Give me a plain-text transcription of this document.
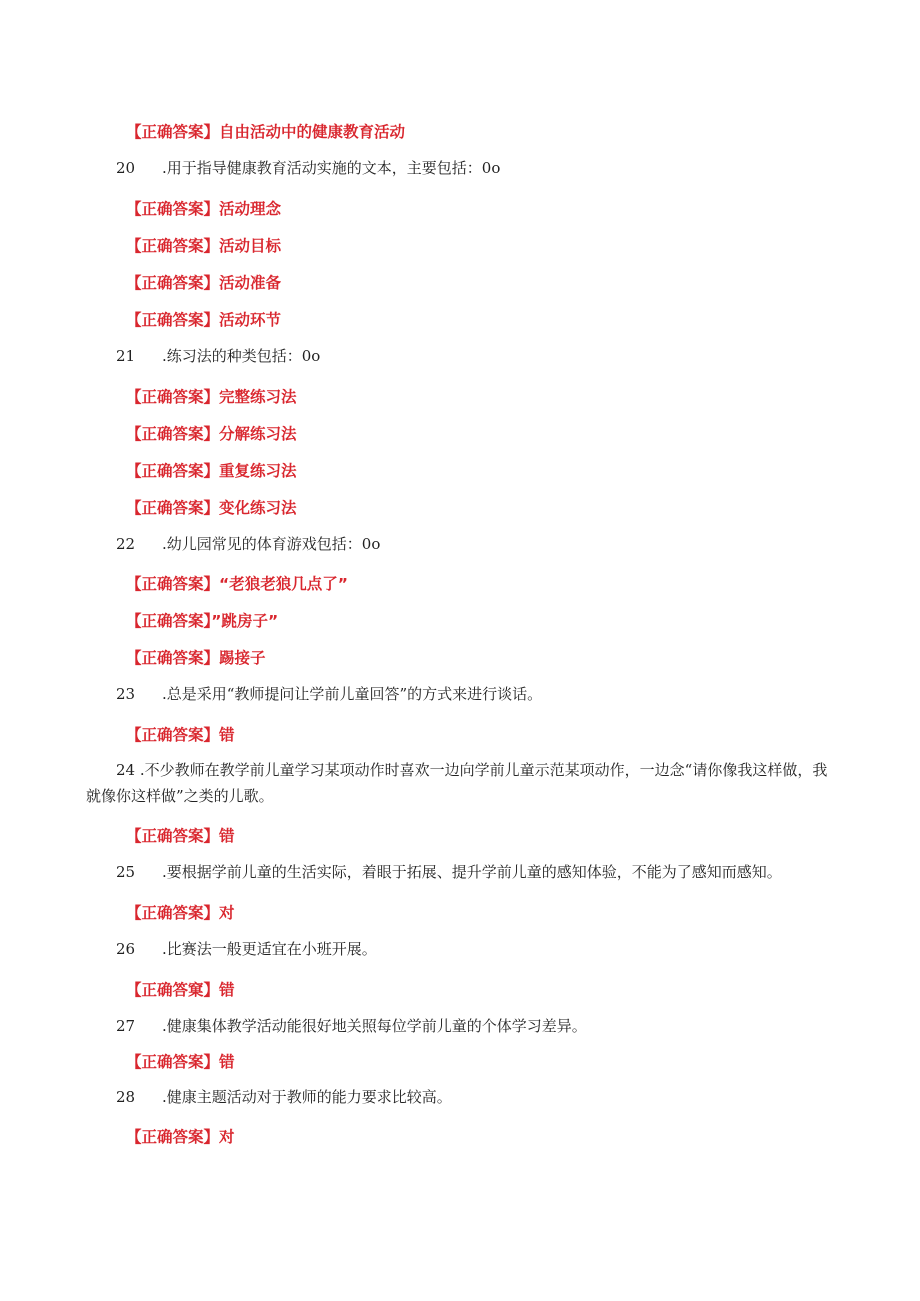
【正确答案】自由活动中的健康教育活动
20 .用于指导健康教育活动实施的文本，主要包括：0o
【正确答案】活动理念
【正确答案】活动目标
【正确答案】活动准备
【正确答案】活动环节
21 .练习法的种类包括：0o
【正确答案】完整练习法
【正确答案】分解练习法
【正确答案】重复练习法
【正确答案】变化练习法
22 .幼儿园常见的体育游戏包括：0o
【正确答案】“老狼老狼几点了”
【正确答案】”跳房子”
【正确答案】踢接子
23 .总是采用“教师提问让学前儿童回答”的方式来进行谈话。
【正确答案】错
24 .不少教师在教学前儿童学习某项动作时喜欢一边向学前儿童示范某项动作，一边念“请你像我这样做，我就像你这样做”之类的儿歌。
【正确答案】错
25 .要根据学前儿童的生活实际，着眼于拓展、提升学前儿童的感知体验，不能为了感知而感知。
【正确答案】对
26 .比赛法一般更适宜在小班开展。
【正确答窠】错
27 .健康集体教学活动能很好地关照每位学前儿童的个体学习差异。
【正确答案】错
28 .健康主题活动对于教师的能力要求比较高。
【正确答案】对
